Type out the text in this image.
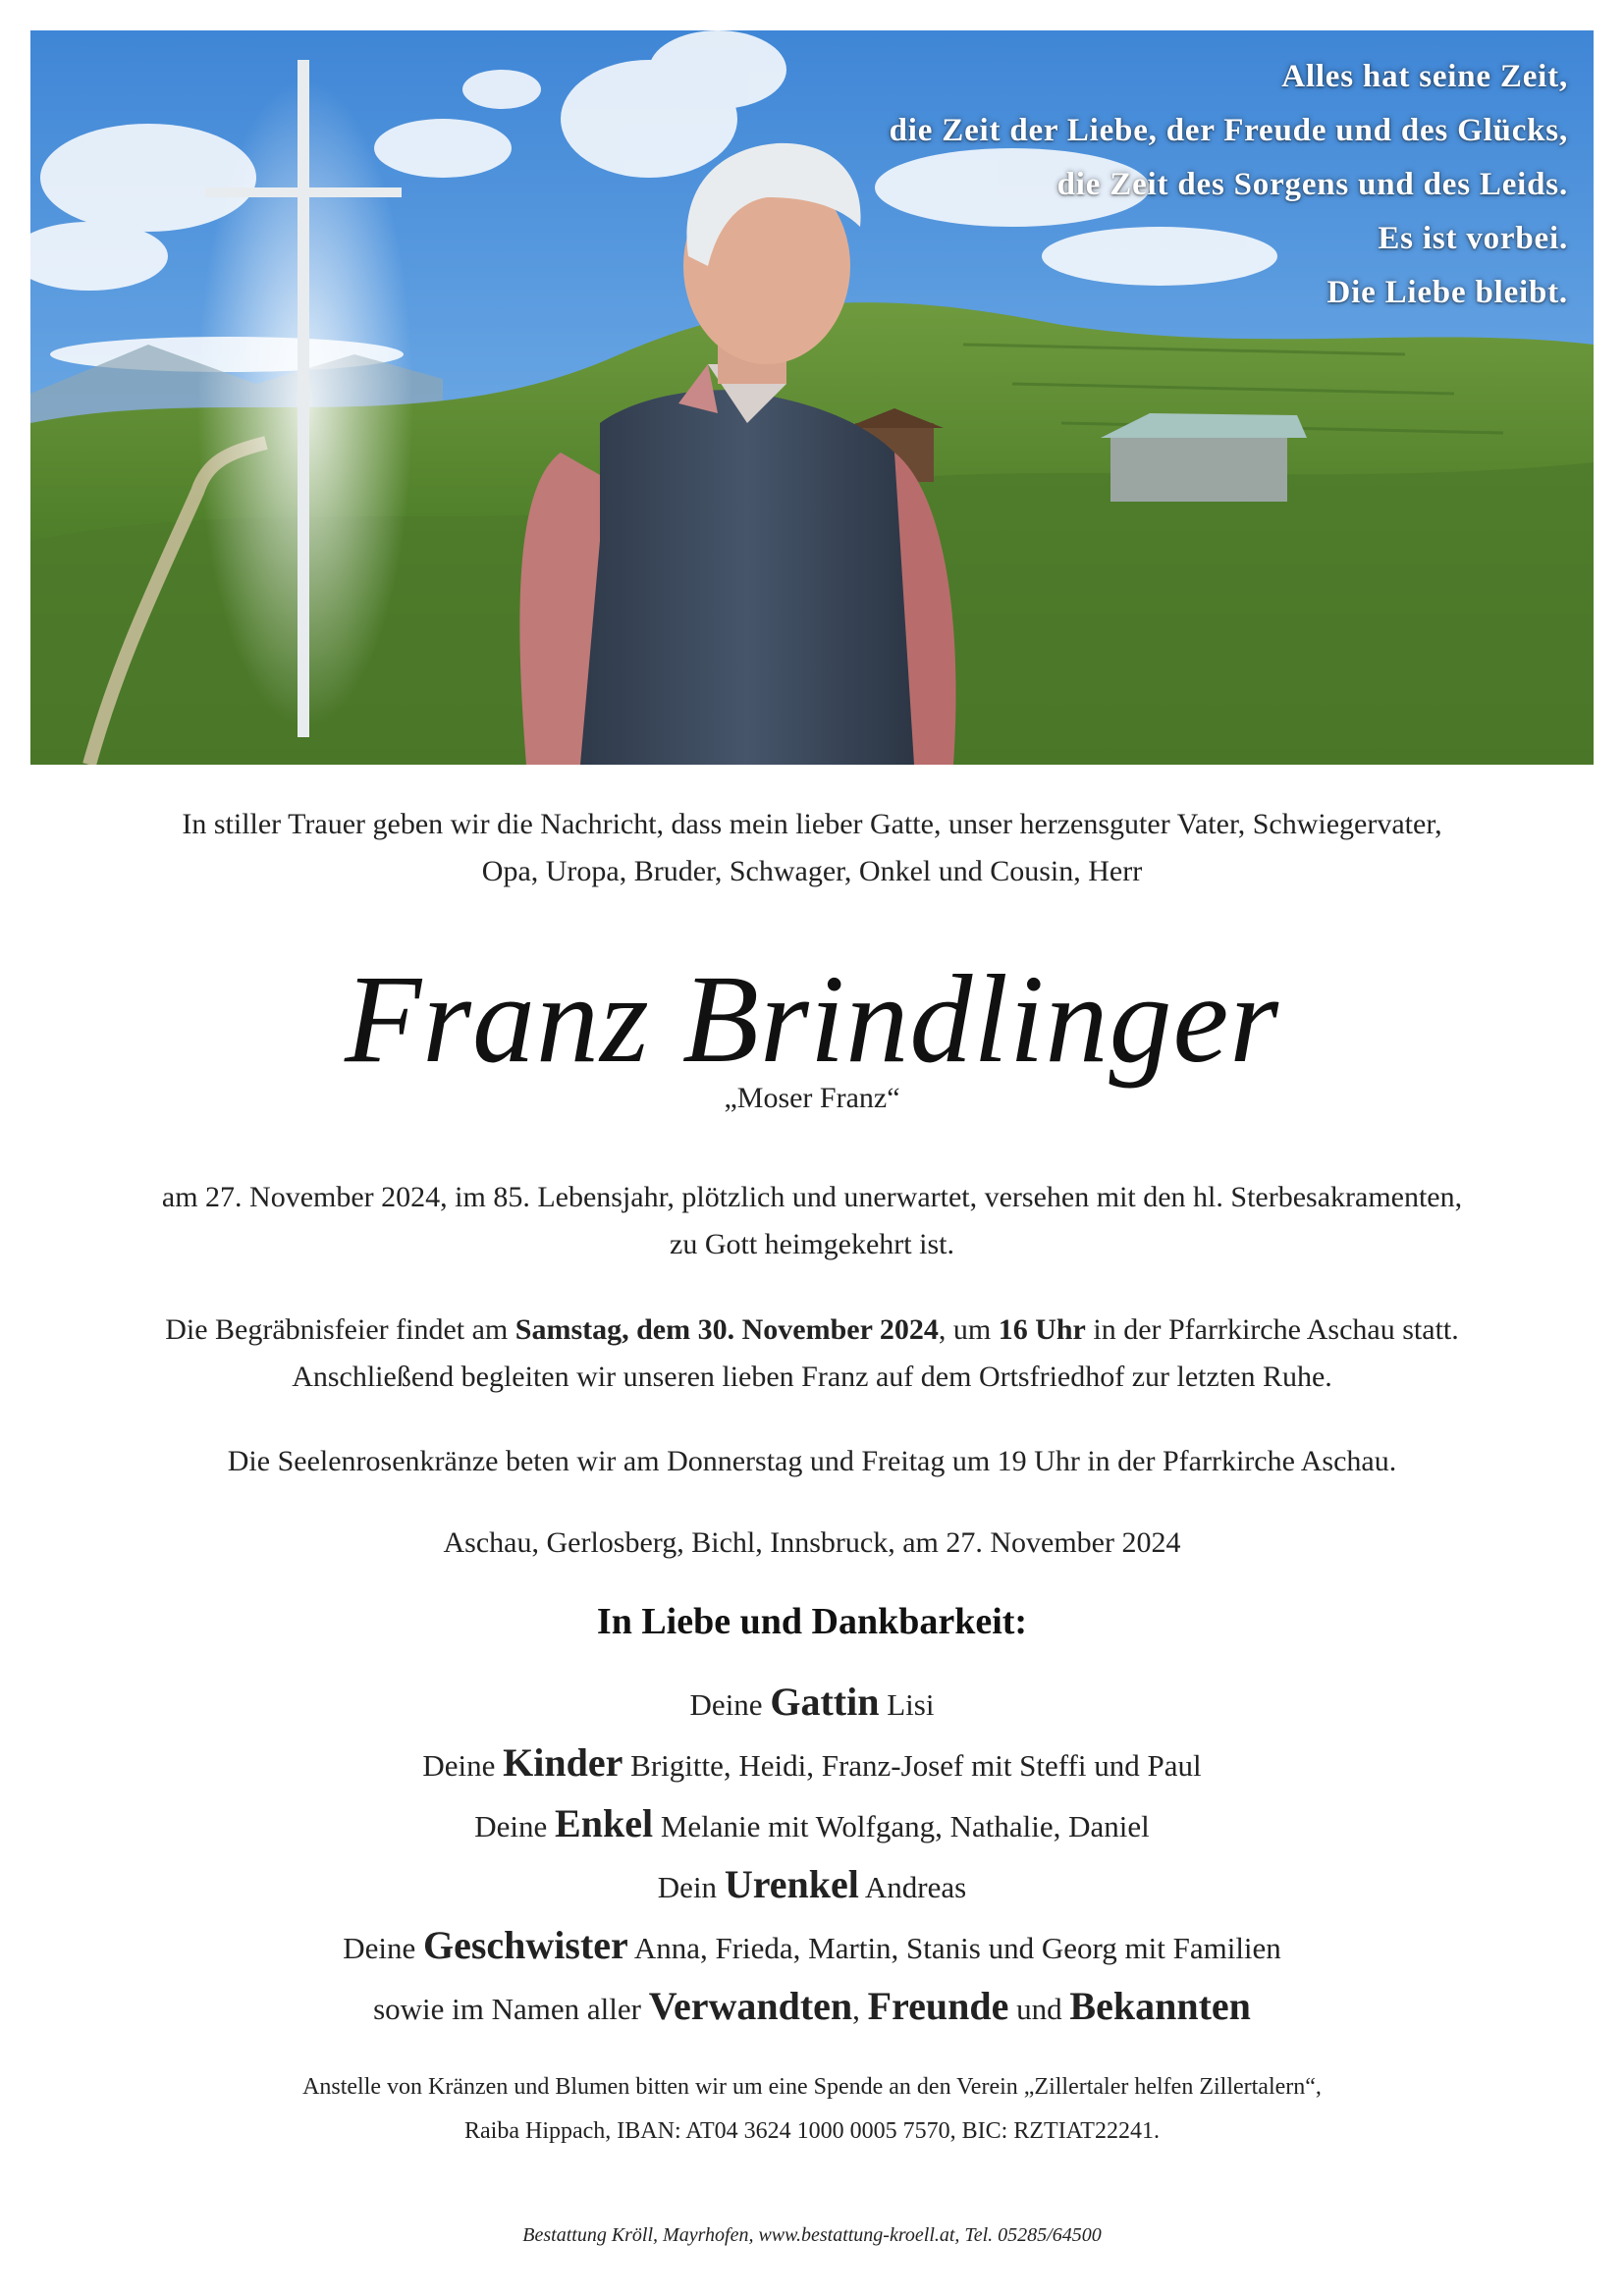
Alles hat seine Zeit,
die Zeit der Liebe, der Freude und des Glücks,
die Zeit des Sorgens und des Leids.
Es ist vorbei.
Die Liebe bleibt.
In stiller Trauer geben wir die Nachricht, dass mein lieber Gatte, unser herzensguter Vater, Schwiegervater,
Opa, Uropa, Bruder, Schwager, Onkel und Cousin, Herr
Franz Brindlinger
„Moser Franz“
am 27. November 2024, im 85. Lebensjahr, plötzlich und unerwartet, versehen mit den hl. Sterbesakramenten,
zu Gott heimgekehrt ist.
Die Begräbnisfeier findet am Samstag, dem 30. November 2024, um 16 Uhr in der Pfarrkirche Aschau statt.
Anschließend begleiten wir unseren lieben Franz auf dem Ortsfriedhof zur letzten Ruhe.
Die Seelenrosenkränze beten wir am Donnerstag und Freitag um 19 Uhr in der Pfarrkirche Aschau.
Aschau, Gerlosberg, Bichl, Innsbruck, am 27. November 2024
In Liebe und Dankbarkeit:
Deine Gattin Lisi
Deine Kinder Brigitte, Heidi, Franz-Josef mit Steffi und Paul
Deine Enkel Melanie mit Wolfgang, Nathalie, Daniel
Dein Urenkel Andreas
Deine Geschwister Anna, Frieda, Martin, Stanis und Georg mit Familien
sowie im Namen aller Verwandten, Freunde und Bekannten
Anstelle von Kränzen und Blumen bitten wir um eine Spende an den Verein „Zillertaler helfen Zillertalern“,
Raiba Hippach, IBAN: AT04 3624 1000 0005 7570, BIC: RZTIAT22241.
Bestattung Kröll, Mayrhofen, www.bestattung-kroell.at, Tel. 05285/64500
